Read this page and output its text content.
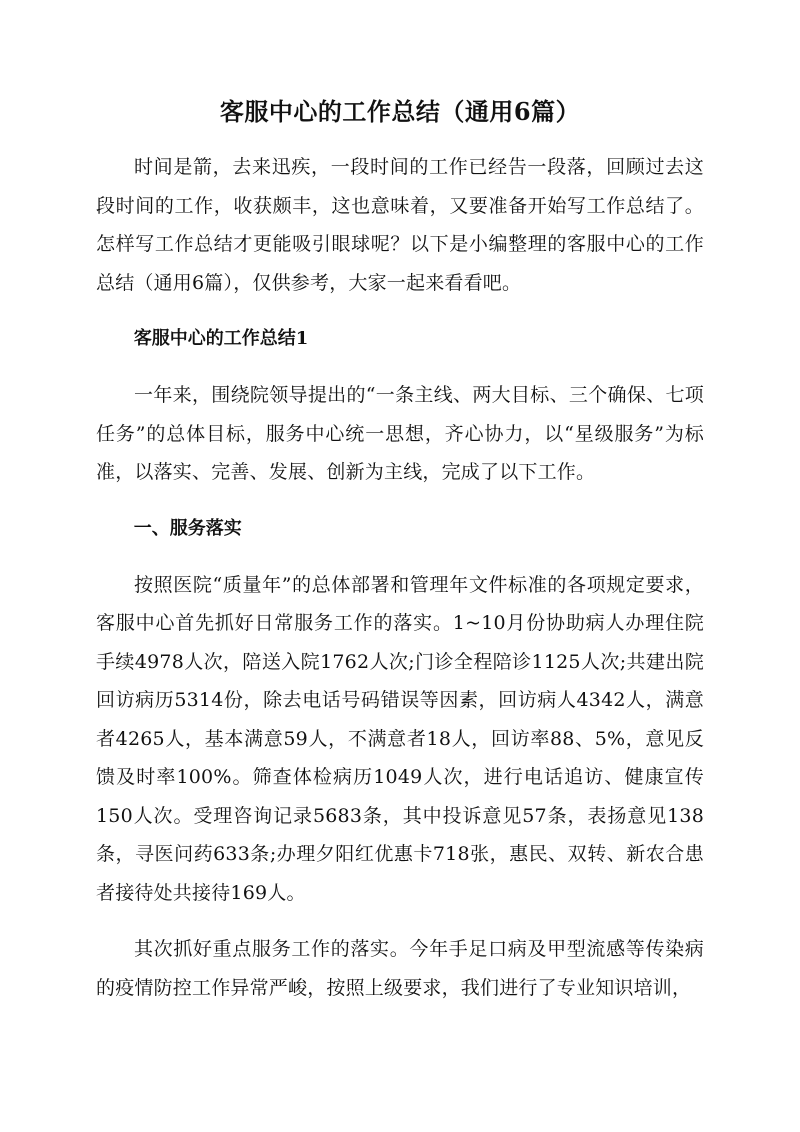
客服中心的工作总结（通用6篇）

时间是箭，去来迅疾，一段时间的工作已经告一段落，回顾过去这段时间的工作，收获颇丰，这也意味着，又要准备开始写工作总结了。怎样写工作总结才更能吸引眼球呢？以下是小编整理的客服中心的工作总结（通用6篇），仅供参考，大家一起来看看吧。

客服中心的工作总结1

一年来，围绕院领导提出的“一条主线、两大目标、三个确保、七项任务”的总体目标，服务中心统一思想，齐心协力，以“星级服务”为标准，以落实、完善、发展、创新为主线，完成了以下工作。

一、服务落实

按照医院“质量年”的总体部署和管理年文件标准的各项规定要求，客服中心首先抓好日常服务工作的落实。1~10月份协助病人办理住院手续4978人次，陪送入院1762人次;门诊全程陪诊1125人次;共建出院回访病历5314份，除去电话号码错误等因素，回访病人4342人，满意者4265人，基本满意59人，不满意者18人，回访率88、5%，意见反馈及时率100%。筛查体检病历1049人次，进行电话追访、健康宣传150人次。受理咨询记录5683条，其中投诉意见57条，表扬意见138条，寻医问药633条;办理夕阳红优惠卡718张，惠民、双转、新农合患者接待处共接待169人。

其次抓好重点服务工作的落实。今年手足口病及甲型流感等传染病的疫情防控工作异常严峻，按照上级要求，我们进行了专业知识培训，
